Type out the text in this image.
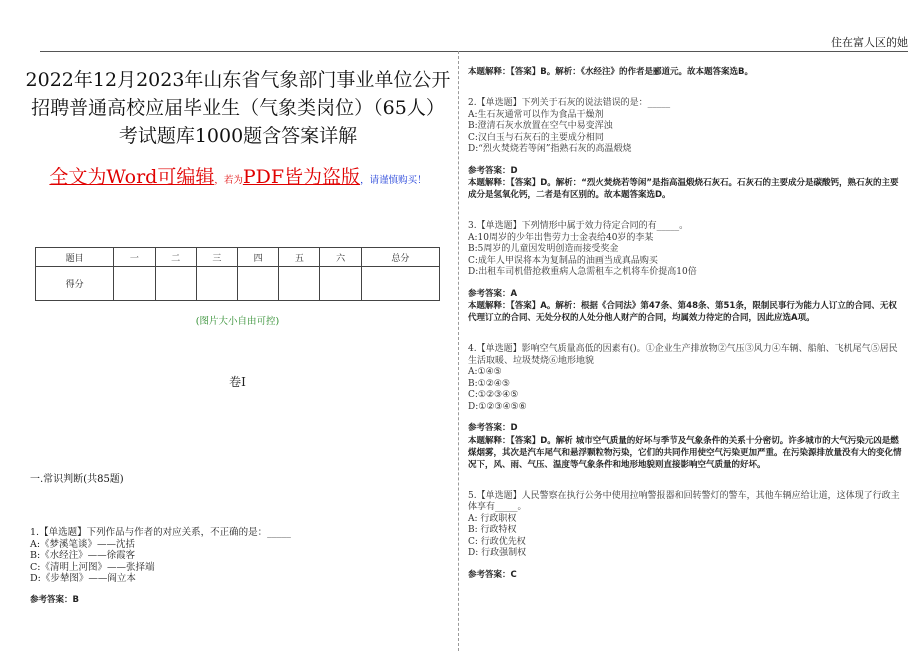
住在富人区的她
2022年12月2023年山东省气象部门事业单位公开招聘普通高校应届毕业生（气象类岗位）（65人）考试题库1000题含答案详解
全文为Word可编辑，若为PDF皆为盗版，请谨慎购买！
题目	一	二	三	四	五	六	总分
得分							
(图片大小自由可控)
卷I
一.常识判断(共85题)
1.【单选题】下列作品与作者的对应关系，不正确的是：_____
A:《梦溪笔谈》——沈括
B:《水经注》——徐霞客
C:《清明上河图》——张择端
D:《步辇图》——阎立本
参考答案：B
本题解释：【答案】B。解析：《水经注》的作者是郦道元。故本题答案选B。
2.【单选题】下列关于石灰的说法错误的是：_____
A:生石灰通常可以作为食品干燥剂
B:澄清石灰水放置在空气中易变浑浊
C:汉白玉与石灰石的主要成分相同
D:“烈火焚烧若等闲”指熟石灰的高温煅烧
参考答案：D
本题解释：【答案】D。解析：“烈火焚烧若等闲”是指高温煅烧石灰石。石灰石的主要成分是碳酸钙，熟石灰的主要成分是氢氧化钙，二者是有区别的。故本题答案选D。
3.【单选题】下列情形中属于效力待定合同的有_____。
A:10周岁的少年出售劳力士金表给40岁的李某
B:5周岁的儿童因发明创造而接受奖金
C:成年人甲误将本为复制品的油画当成真品购买
D:出租车司机借抢救重病人急需租车之机将车价提高10倍
参考答案：A
本题解释：【答案】A。解析：根据《合同法》第47条、第48条、第51条，限制民事行为能力人订立的合同、无权代理订立的合同、无处分权的人处分他人财产的合同，均属效力待定的合同，因此应选A项。
4.【单选题】影响空气质量高低的因素有()。①企业生产排放物②气压③风力④车辆、船舶、飞机尾气⑤居民生活取暖、垃圾焚烧⑥地形地貌
A:①④⑤
B:①②④⑤
C:①②③④⑤
D:①②③④⑤⑥
参考答案：D
本题解释：【答案】D。解析 城市空气质量的好坏与季节及气象条件的关系十分密切。许多城市的大气污染元凶是燃煤烟雾，其次是汽车尾气和悬浮颗粒物污染，它们的共同作用使空气污染更加严重。在污染源排放量没有大的变化情况下，风、雨、气压、温度等气象条件和地形地貌则直接影响空气质量的好坏。
5.【单选题】人民警察在执行公务中使用拉响警报器和回转警灯的警车，其他车辆应给让道，这体现了行政主体享有_____。
A: 行政职权
B: 行政特权
C: 行政优先权
D: 行政强制权
参考答案：C
